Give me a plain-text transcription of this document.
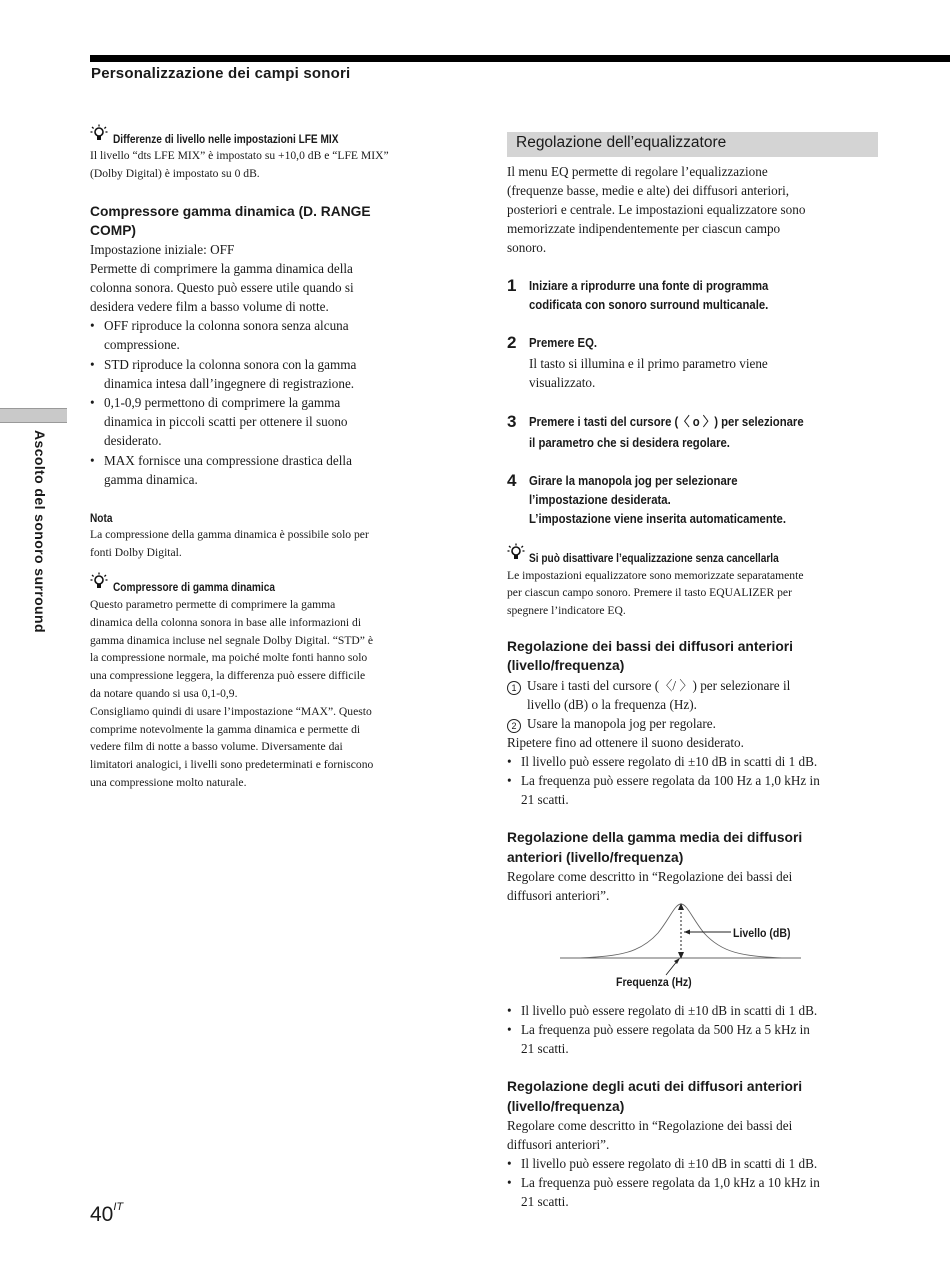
Personalizzazione dei campi sonori
Ascolto del sonoro surround
Differenze di livello nelle impostazioni LFE MIX
Il livello “dts LFE MIX” è impostato su +10,0 dB e “LFE MIX”
(Dolby Digital) è impostato su 0 dB.
Compressore gamma dinamica (D. RANGE
COMP)
Impostazione iniziale: OFF
Permette di comprimere la gamma dinamica della
colonna sonora. Questo può essere utile quando si
desidera vedere film a basso volume di notte.
• OFF riproduce la colonna sonora senza alcuna
compressione.
• STD riproduce la colonna sonora con la gamma
dinamica intesa dall’ingegnere di registrazione.
• 0,1-0,9 permettono di comprimere la gamma
dinamica in piccoli scatti per ottenere il suono
desiderato.
• MAX fornisce una compressione drastica della
gamma dinamica.
Nota
La compressione della gamma dinamica è possibile solo per
fonti Dolby Digital.
Compressore di gamma dinamica
Questo parametro permette di comprimere la gamma
dinamica della colonna sonora in base alle informazioni di
gamma dinamica incluse nel segnale Dolby Digital. “STD” è
la compressione normale, ma poiché molte fonti hanno solo
una compressione leggera, la differenza può essere difficile
da notare quando si usa 0,1-0,9.
Consigliamo quindi di usare l’impostazione “MAX”. Questo
comprime notevolmente la gamma dinamica e permette di
vedere film di notte a basso volume. Diversamente dai
limitatori analogici, i livelli sono predeterminati e forniscono
una compressione molto naturale.
Regolazione dell’equalizzatore
Il menu EQ permette di regolare l’equalizzazione
(frequenze basse, medie e alte) dei diffusori anteriori,
posteriori e centrale. Le impostazioni equalizzatore sono
memorizzate indipendentemente per ciascun campo
sonoro.
1 Iniziare a riprodurre una fonte di programma
codificata con sonoro surround multicanale.
2 Premere EQ.
Il tasto si illumina e il primo parametro viene
visualizzato.
3 Premere i tasti del cursore (〈 o 〉) per selezionare
il parametro che si desidera regolare.
4 Girare la manopola jog per selezionare
l’impostazione desiderata.
L’impostazione viene inserita automaticamente.
Si può disattivare l’equalizzazione senza cancellarla
Le impostazioni equalizzatore sono memorizzate separatamente
per ciascun campo sonoro. Premere il tasto EQUALIZER per
spegnere l’indicatore EQ.
Regolazione dei bassi dei diffusori anteriori
(livello/frequenza)
1 Usare i tasti del cursore (〈/ 〉) per selezionare il
livello (dB) o la frequenza (Hz).
2 Usare la manopola jog per regolare.
Ripetere fino ad ottenere il suono desiderato.
• Il livello può essere regolato di ±10 dB in scatti di 1 dB.
• La frequenza può essere regolata da 100 Hz a 1,0 kHz in
21 scatti.
Regolazione della gamma media dei diffusori
anteriori (livello/frequenza)
Regolare come descritto in “Regolazione dei bassi dei
diffusori anteriori”.
Livello (dB)
Frequenza (Hz)
• Il livello può essere regolato di ±10 dB in scatti di 1 dB.
• La frequenza può essere regolata da 500 Hz a 5 kHz in
21 scatti.
Regolazione degli acuti dei diffusori anteriori
(livello/frequenza)
Regolare come descritto in “Regolazione dei bassi dei
diffusori anteriori”.
• Il livello può essere regolato di ±10 dB in scatti di 1 dB.
• La frequenza può essere regolata da 1,0 kHz a 10 kHz in
21 scatti.
$40^{IT}$
